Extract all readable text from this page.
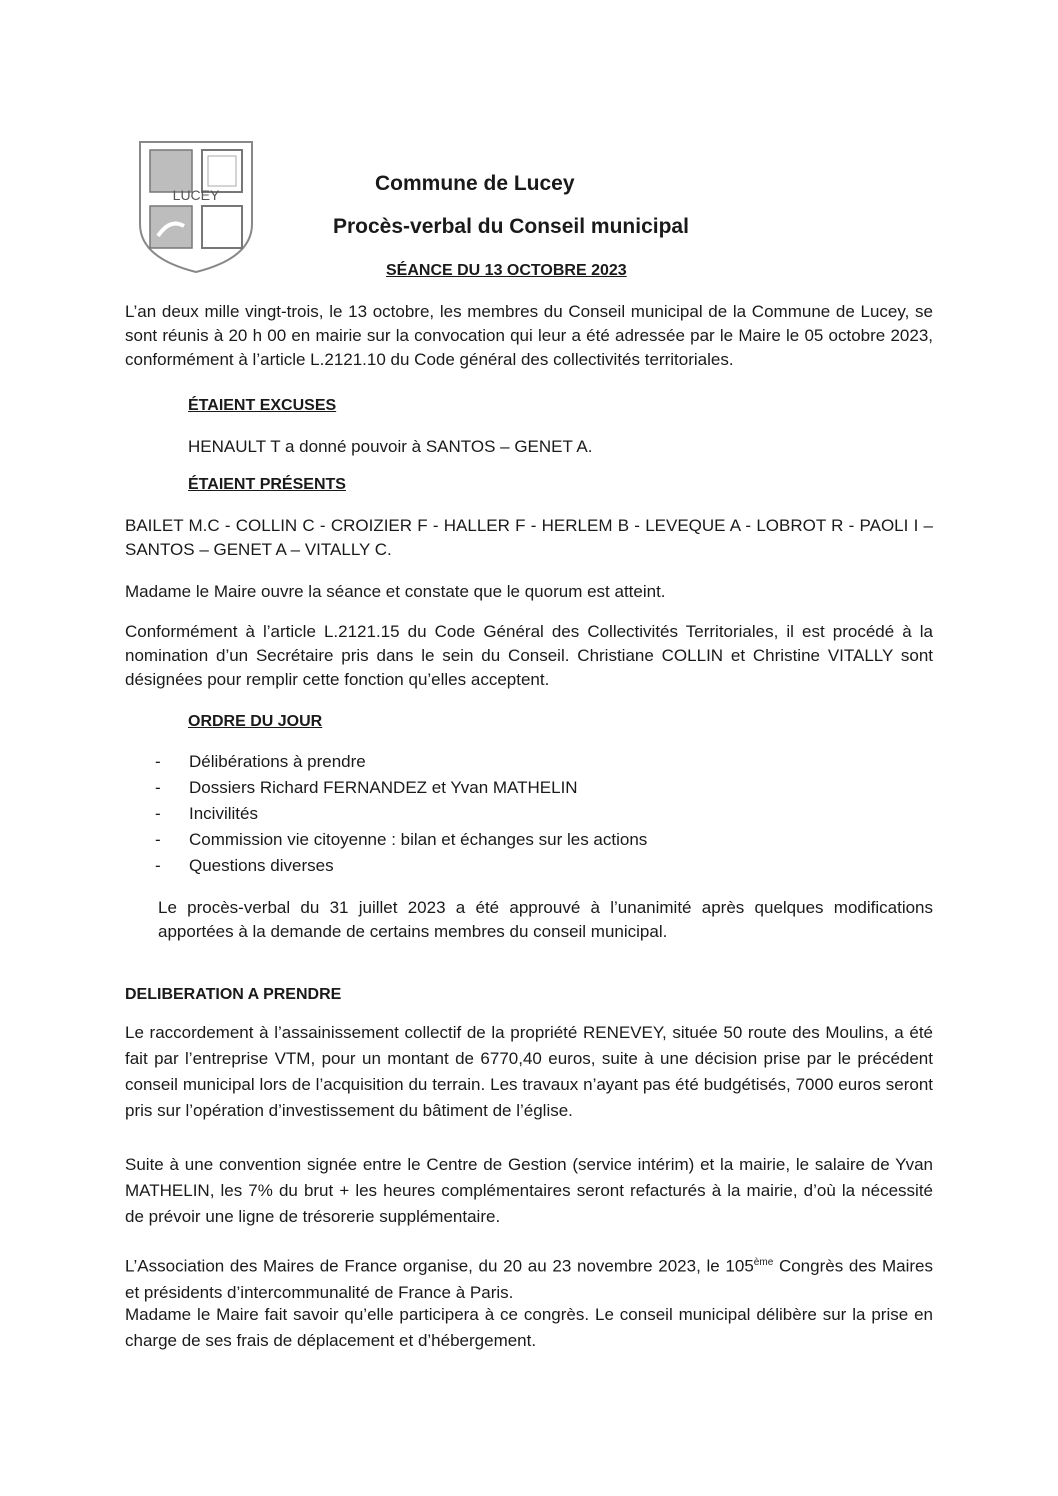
LUCEY	Commune de Lucey
Procès-verbal du Conseil municipal
SÉANCE DU 13 OCTOBRE 2023
L’an deux mille vingt-trois, le 13 octobre, les membres du Conseil municipal de la Commune de Lucey, se sont réunis à 20 h 00 en mairie sur la convocation qui leur a été adressée par le Maire le 05 octobre 2023, conformément à l’article L.2121.10 du Code général des collectivités territoriales.
ÉTAIENT EXCUSES
HENAULT T a donné pouvoir à SANTOS – GENET A.
ÉTAIENT PRÉSENTS
BAILET M.C - COLLIN C - CROIZIER F - HALLER F - HERLEM B - LEVEQUE A - LOBROT R - PAOLI I – SANTOS – GENET A – VITALLY C.
Madame le Maire ouvre la séance et constate que le quorum est atteint.
Conformément à l’article L.2121.15 du Code Général des Collectivités Territoriales, il est procédé à la nomination d’un Secrétaire pris dans le sein du Conseil. Christiane COLLIN et Christine VITALLY sont désignées pour remplir cette fonction qu’elles acceptent.
ORDRE DU JOUR
- Délibérations à prendre
- Dossiers Richard FERNANDEZ et Yvan MATHELIN
- Incivilités
- Commission vie citoyenne : bilan et échanges sur les actions
- Questions diverses
Le procès-verbal du 31 juillet 2023 a été approuvé à l’unanimité après quelques modifications apportées à la demande de certains membres du conseil municipal.
DELIBERATION A PRENDRE
Le raccordement à l’assainissement collectif de la propriété RENEVEY, située 50 route des Moulins, a été fait par l’entreprise VTM, pour un montant de 6770,40 euros, suite à une décision prise par le précédent conseil municipal lors de l’acquisition du terrain. Les travaux n’ayant pas été budgétisés, 7000 euros seront pris sur l’opération d’investissement du bâtiment de l’église.
Suite à une convention signée entre le Centre de Gestion (service intérim) et la mairie, le salaire de Yvan MATHELIN, les 7% du brut + les heures complémentaires seront refacturés à la mairie, d’où la nécessité de prévoir une ligne de trésorerie supplémentaire.
L’Association des Maires de France organise, du 20 au 23 novembre 2023, le 105ème Congrès des Maires et présidents d’intercommunalité de France à Paris.
Madame le Maire fait savoir qu’elle participera à ce congrès. Le conseil municipal délibère sur la prise en charge de ses frais de déplacement et d’hébergement.
